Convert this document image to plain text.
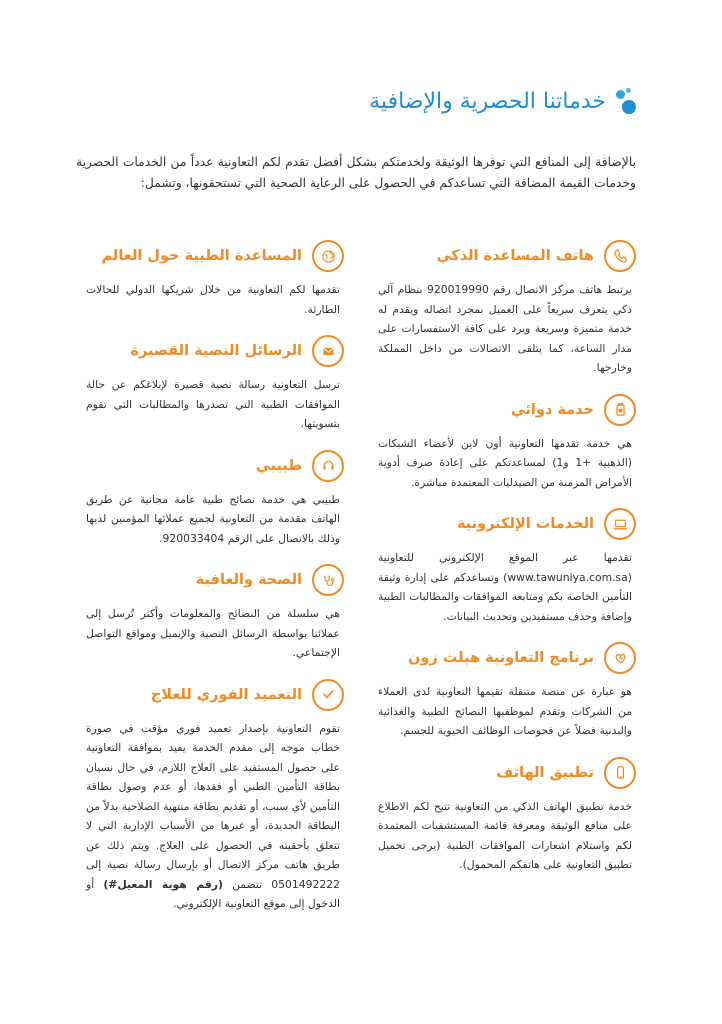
خدماتنا الحصرية والإضافية
بالإضافة إلى المنافع التي توفرها الوثيقة ولخدمتكم بشكل أفضل تقدم لكم التعاونية عدداً من الخدمات الحصرية وخدمات القيمة المضافة التي تساعدكم في الحصول على الرعاية الصحية التي تستحقونها، وتشمل:
هاتف المساعدة الذكي
يرتبط هاتف مركز الاتصال رقم 920019990 بنظام آلي ذكي يتعرف سريعاً على العميل بمجرد اتصاله ويقدم له خدمة متميزة وسريعة ويرد على كافة الاستفسارات على مدار الساعة، كما يتلقى الاتصالات من داخل المملكة وخارجها.
خدمة دوائي
هي خدمة تقدمها التعاونية أون لاين لأعضاء الشبكات (الذهبية +1 و1) لمساعدتكم على إعادة صرف أدوية الأمراض المزمنة من الصيدليات المعتمدة مباشرة.
الخدمات الإلكترونية
تقدمها عبر الموقع الإلكتروني للتعاونية (www.tawuniya.com.sa) وتساعدكم على إدارة وثيقة التأمين الخاصة بكم ومتابعة الموافقات والمطالبات الطبية وإضافة وحذف مستفيدين وتحديث البيانات.
برنامج التعاونية هيلث زون
هو عبارة عن منصة متنقلة تقيمها التعاونية لدى العملاء من الشركات وتقدم لموظفيها النصائح الطبية والغذائية والبدنية فضلاً عن فحوصات الوظائف الحيوية للجسم.
تطبيق الهاتف
خدمة تطبيق الهاتف الذكي من التعاونية تتيح لكم الاطلاع على منافع الوثيقة ومعرفة قائمة المستشفيات المعتمدة لكم واستلام اشعارات الموافقات الطبية (يرجى تحميل تطبيق التعاونية على هاتفكم المحمول).
المساعدة الطبية حول العالم
تقدمها لكم التعاونية من خلال شريكها الدولي للحالات الطارئة.
الرسائل النصية القصيرة
ترسل التعاونية رسالة نصية قصيرة لإبلاغكم عن حالة الموافقات الطبية التي تصدرها والمطالبات التي تقوم بتسويتها.
طبيبي
طبيبي هي خدمة نصائح طبية عامة مجانية عن طريق الهاتف مقدمة من التعاونية لجميع عملائها المؤمنين لديها وذلك بالاتصال على الرقم 920033404.
الصحة والعافية
هي سلسلة من النصائح والمعلومات وأكثر تُرسل إلى عملائنا بواسطة الرسائل النصية والإيميل ومواقع التواصل الإجتماعي.
التعميد الفوري للعلاج
تقوم التعاونية بإصدار تعميد فوري مؤقت في صورة خطاب موجه إلى مقدم الخدمة يفيد بموافقة التعاونية على حصول المستفيد على العلاج اللازم، في حال نسيان بطاقة التأمين الطبي أو فقدها، أو عدم وصول بطاقة التأمين لأي سبب، أو تقديم بطاقة منتهية الصلاحية بدلاً من البطاقة الجديدة، أو غيرها من الأسباب الإدارية التي لا تتعلق بأحقيته في الحصول على العلاج. ويتم ذلك عن طريق هاتف مركز الاتصال أو بإرسال رسالة نصية إلى 0501492222 تتضمن (رقم هوية المعيل#) أو الدخول إلى موقع التعاونية الإلكتروني.
